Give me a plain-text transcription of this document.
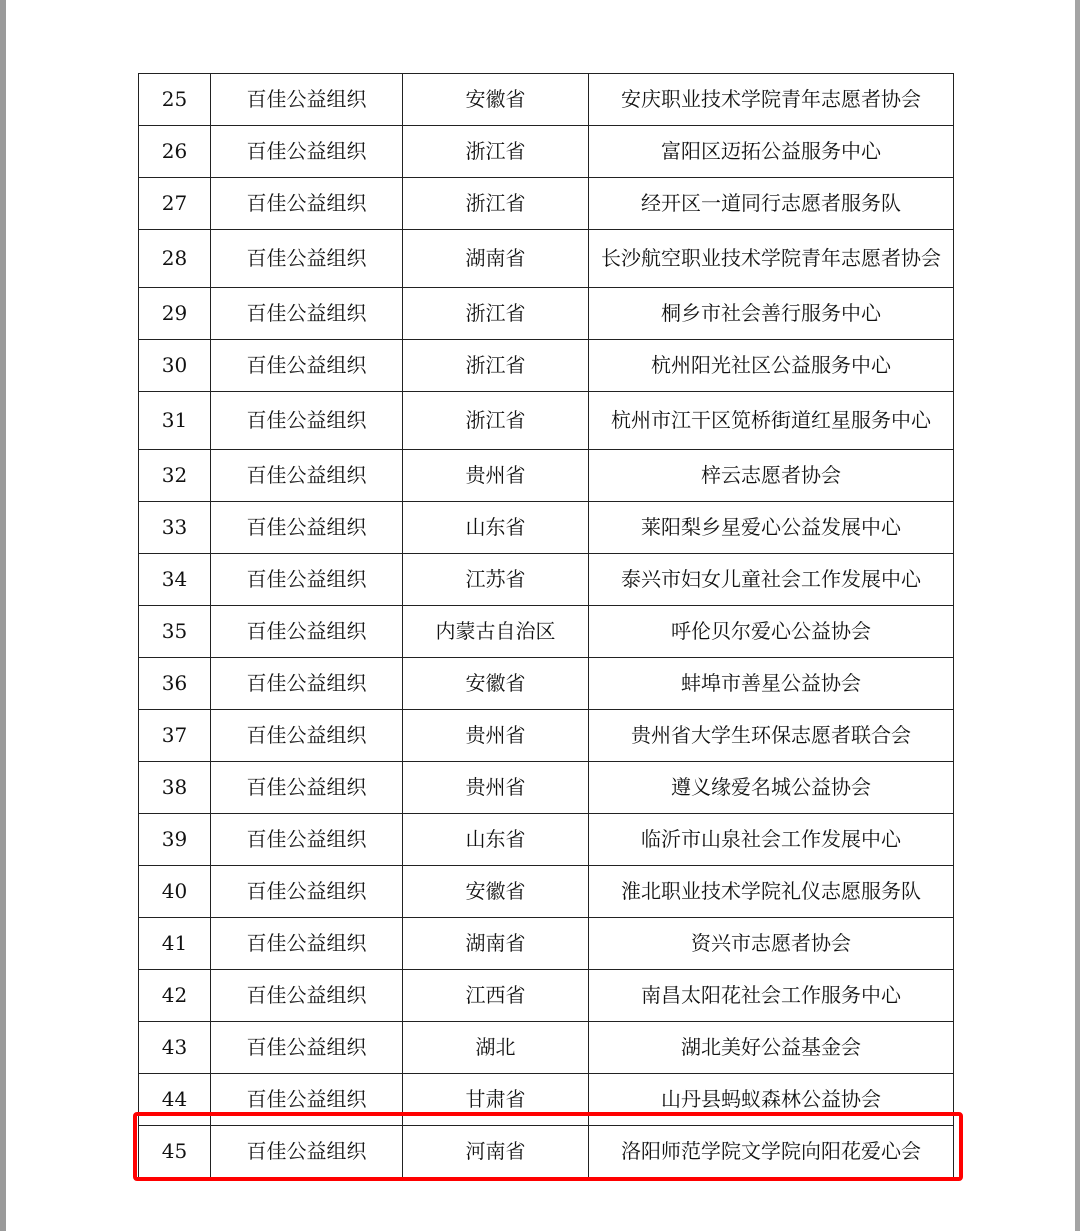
25	百佳公益组织	安徽省	安庆职业技术学院青年志愿者协会
26	百佳公益组织	浙江省	富阳区迈拓公益服务中心
27	百佳公益组织	浙江省	经开区一道同行志愿者服务队
28	百佳公益组织	湖南省	长沙航空职业技术学院青年志愿者协会
29	百佳公益组织	浙江省	桐乡市社会善行服务中心
30	百佳公益组织	浙江省	杭州阳光社区公益服务中心
31	百佳公益组织	浙江省	杭州市江干区笕桥街道红星服务中心
32	百佳公益组织	贵州省	梓云志愿者协会
33	百佳公益组织	山东省	莱阳梨乡星爱心公益发展中心
34	百佳公益组织	江苏省	泰兴市妇女儿童社会工作发展中心
35	百佳公益组织	内蒙古自治区	呼伦贝尔爱心公益协会
36	百佳公益组织	安徽省	蚌埠市善星公益协会
37	百佳公益组织	贵州省	贵州省大学生环保志愿者联合会
38	百佳公益组织	贵州省	遵义缘爱名城公益协会
39	百佳公益组织	山东省	临沂市山泉社会工作发展中心
40	百佳公益组织	安徽省	淮北职业技术学院礼仪志愿服务队
41	百佳公益组织	湖南省	资兴市志愿者协会
42	百佳公益组织	江西省	南昌太阳花社会工作服务中心
43	百佳公益组织	湖北	湖北美好公益基金会
44	百佳公益组织	甘肃省	山丹县蚂蚁森林公益协会
45	百佳公益组织	河南省	洛阳师范学院文学院向阳花爱心会
